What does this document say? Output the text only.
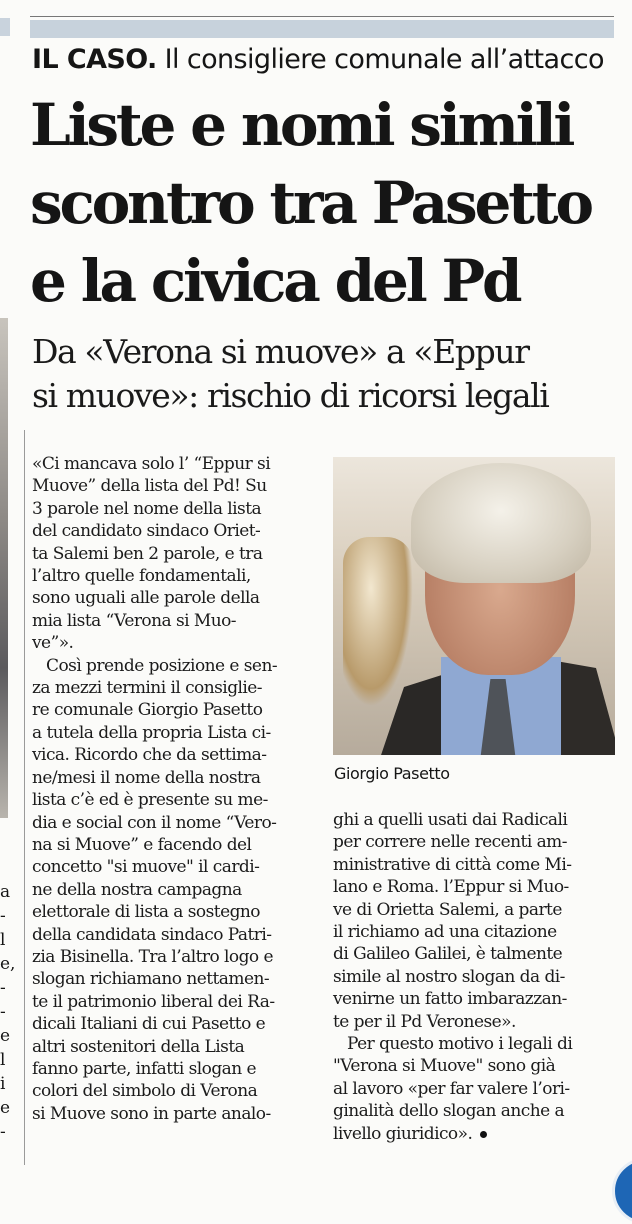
a
-
l
e,
-
-
e
l
i
e
-
IL CASO. Il consigliere comunale all’attacco
Liste e nomi simili
scontro tra Pasetto
e la civica del Pd
Da «Verona si muove» a «Eppur
si muove»: rischio di ricorsi legali
«Ci mancava solo l’ “Eppur si
Muove” della lista del Pd! Su
3 parole nel nome della lista
del candidato sindaco Oriet-
ta Salemi ben 2 parole, e tra
l’altro quelle fondamentali,
sono uguali alle parole della
mia lista “Verona si Muo-
ve”».
Così prende posizione e sen-
za mezzi termini il consiglie-
re comunale Giorgio Pasetto
a tutela della propria Lista ci-
vica. Ricordo che da settima-
ne/mesi il nome della nostra
lista c’è ed è presente su me-
dia e social con il nome “Vero-
na si Muove” e facendo del
concetto "si muove" il cardi-
ne della nostra campagna
elettorale di lista a sostegno
della candidata sindaco Patri-
zia Bisinella. Tra l’altro logo e
slogan richiamano nettamen-
te il patrimonio liberal dei Ra-
dicali Italiani di cui Pasetto e
altri sostenitori della Lista
fanno parte, infatti slogan e
colori del simbolo di Verona
si Muove sono in parte analo-
Giorgio Pasetto
ghi a quelli usati dai Radicali
per correre nelle recenti am-
ministrative di città come Mi-
lano e Roma. l’Eppur si Muo-
ve di Orietta Salemi, a parte
il richiamo ad una citazione
di Galileo Galilei, è talmente
simile al nostro slogan da di-
venirne un fatto imbarazzan-
te per il Pd Veronese».
Per questo motivo i legali di
"Verona si Muove" sono già
al lavoro «per far valere l’ori-
ginalità dello slogan anche a
livello giuridico».
